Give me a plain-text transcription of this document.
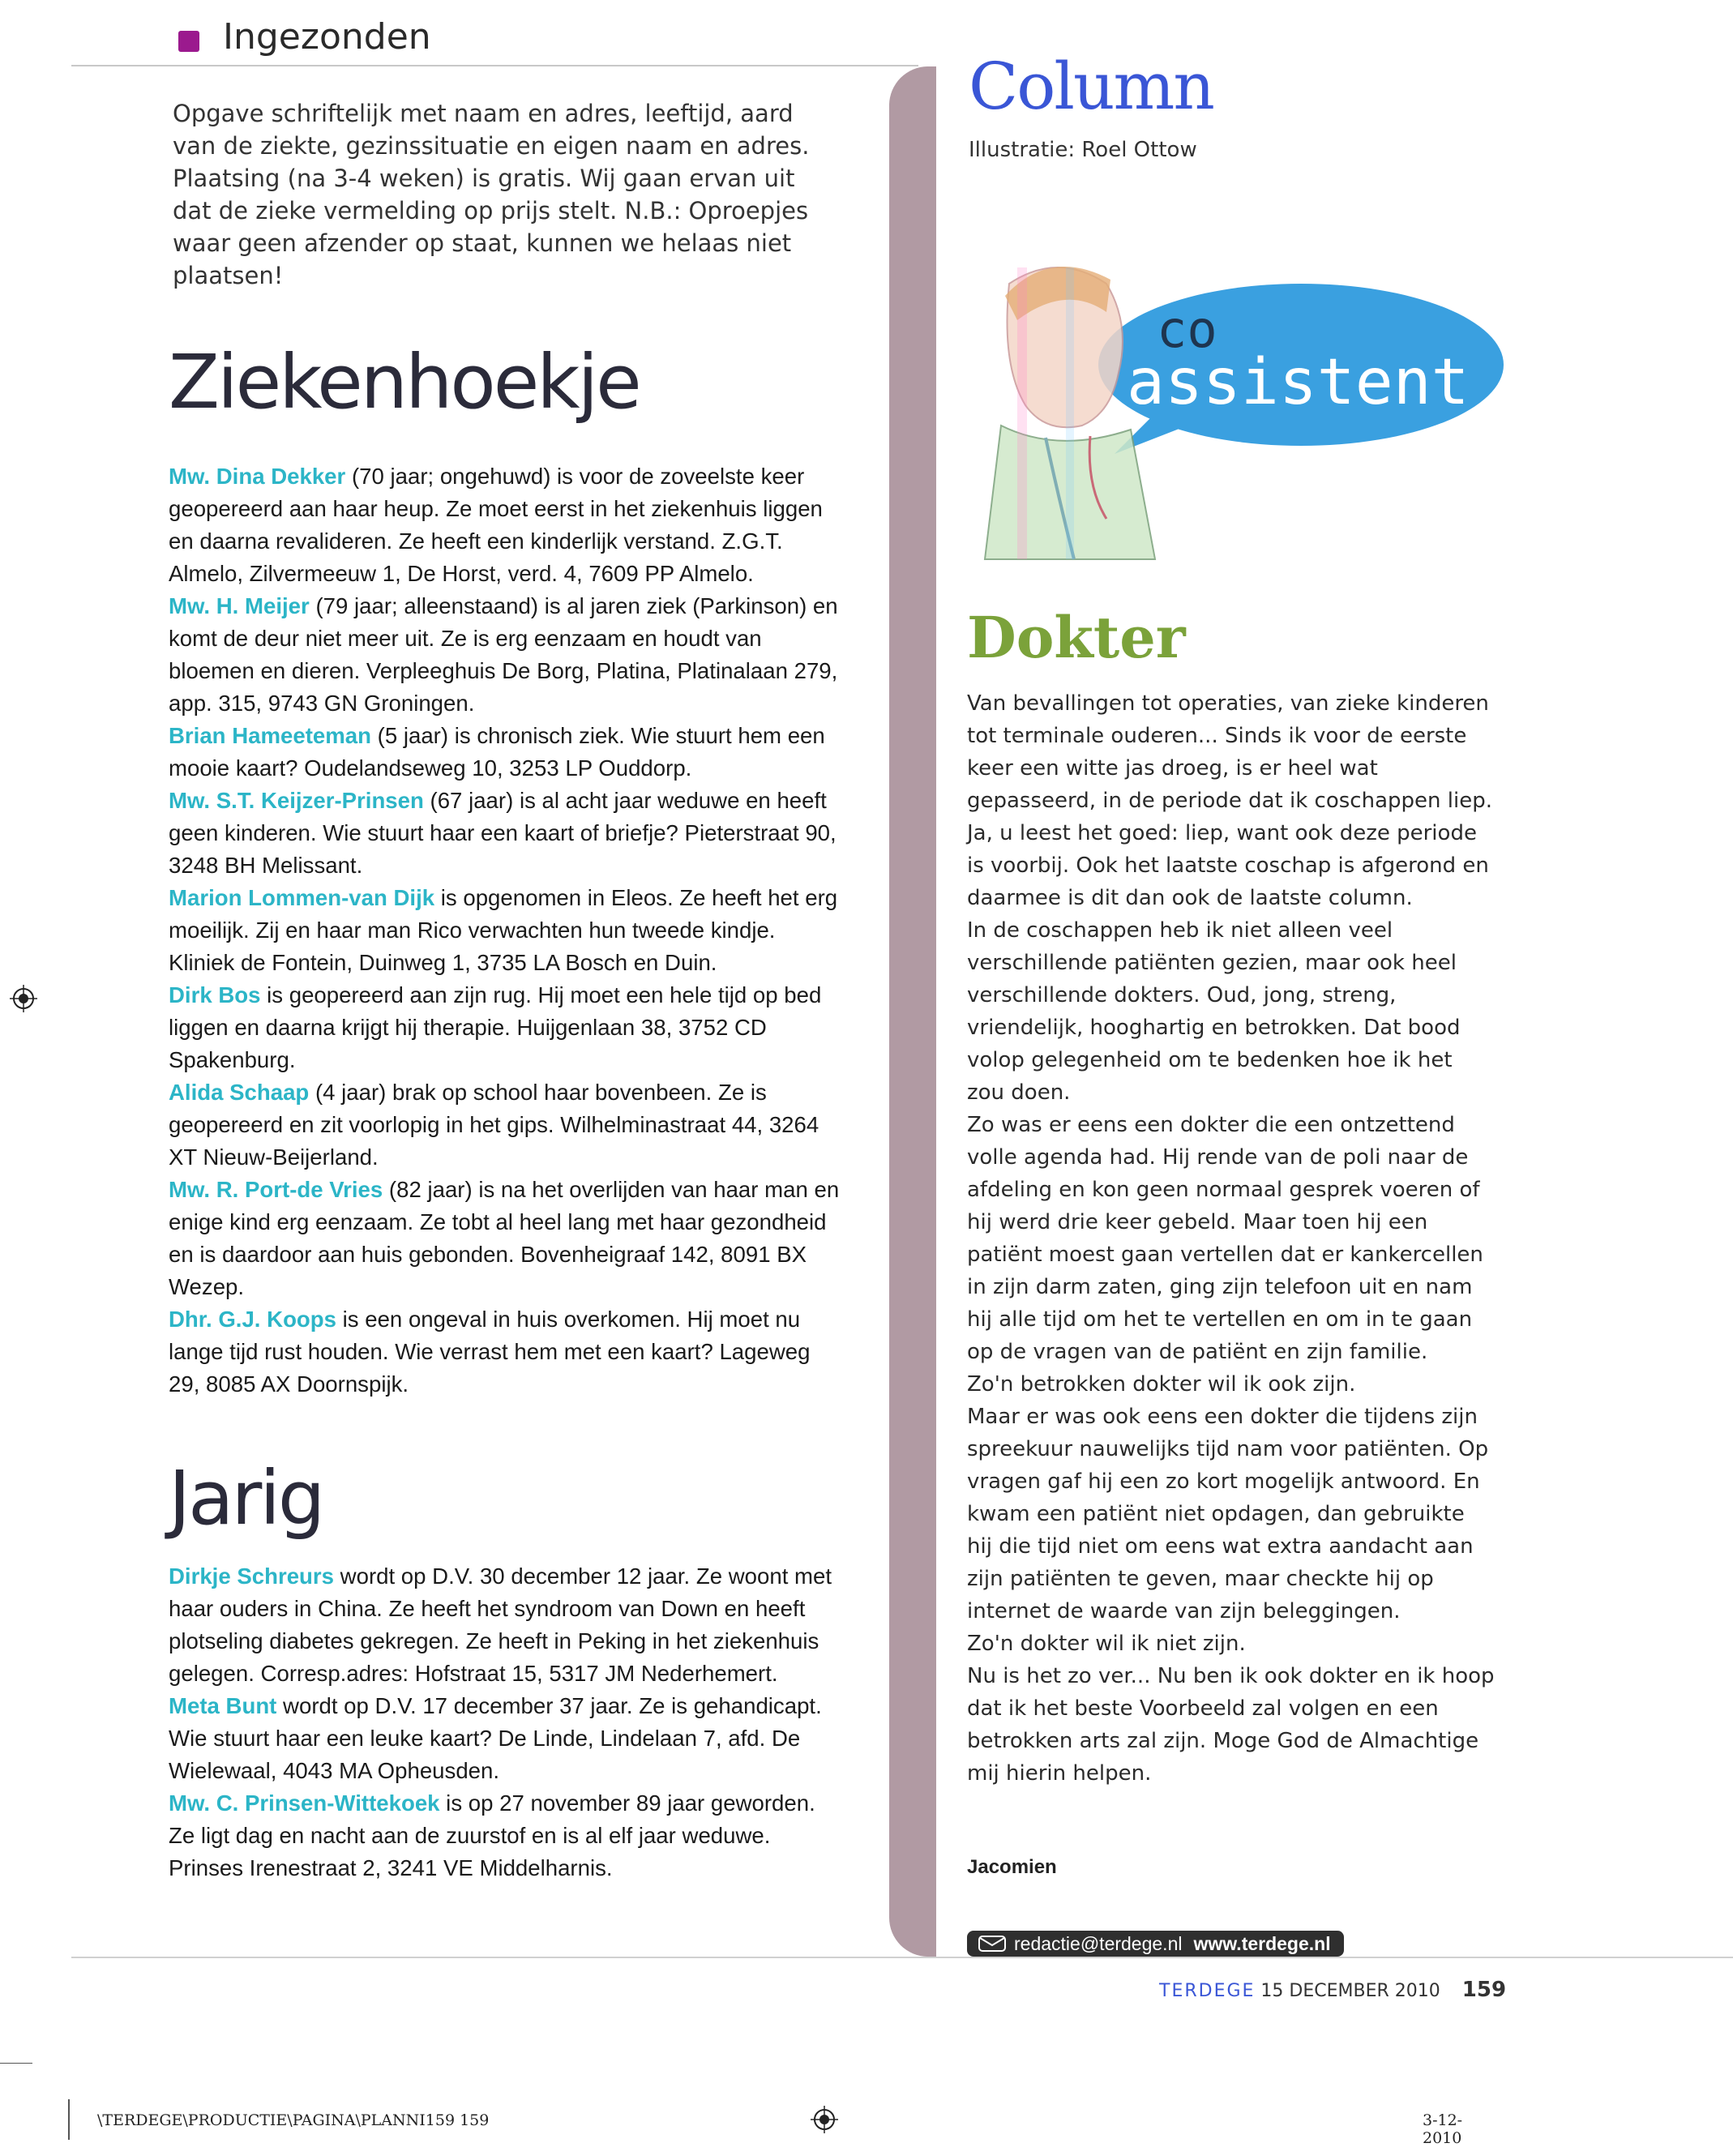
Ingezonden
Opgave schriftelijk met naam en adres, leeftijd, aard van de ziekte, gezinssituatie en eigen naam en adres. Plaatsing (na 3-4 weken) is gratis. Wij gaan ervan uit dat de zieke vermelding op prijs stelt. N.B.: Oproepjes waar geen afzender op staat, kunnen we helaas niet plaatsen!
Ziekenhoekje

Mw. Dina Dekker (70 jaar; ongehuwd) is voor de zoveelste keer geopereerd aan haar heup. Ze moet eerst in het ziekenhuis liggen en daarna revalideren. Ze heeft een kinderlijk verstand. Z.G.T. Almelo, Zilvermeeuw 1, De Horst, verd. 4, 7609 PP Almelo.

Mw. H. Meijer (79 jaar; alleenstaand) is al jaren ziek (Parkinson) en komt de deur niet meer uit. Ze is erg eenzaam en houdt van bloemen en dieren. Verpleeghuis De Borg, Platina, Platinalaan 279, app. 315, 9743 GN Groningen.

Brian Hameeteman (5 jaar) is chronisch ziek. Wie stuurt hem een mooie kaart? Oudelandseweg 10, 3253 LP Ouddorp.

Mw. S.T. Keijzer-Prinsen (67 jaar) is al acht jaar weduwe en heeft geen kinderen. Wie stuurt haar een kaart of briefje? Pieterstraat 90, 3248 BH Melissant.

Marion Lommen-van Dijk is opgenomen in Eleos. Ze heeft het erg moeilijk. Zij en haar man Rico verwachten hun tweede kindje. Kliniek de Fontein, Duinweg 1, 3735 LA Bosch en Duin.

Dirk Bos is geopereerd aan zijn rug. Hij moet een hele tijd op bed liggen en daarna krijgt hij therapie. Huijgenlaan 38, 3752 CD Spakenburg.

Alida Schaap (4 jaar) brak op school haar bovenbeen. Ze is geopereerd en zit voorlopig in het gips. Wilhelminastraat 44, 3264 XT Nieuw-Beijerland.

Mw. R. Port-de Vries (82 jaar) is na het overlijden van haar man en enige kind erg eenzaam. Ze tobt al heel lang met haar gezondheid en is daardoor aan huis gebonden. Bovenheigraaf 142, 8091 BX Wezep.

Dhr. G.J. Koops is een ongeval in huis overkomen. Hij moet nu lange tijd rust houden. Wie verrast hem met een kaart? Lageweg 29, 8085 AX Doornspijk.

Jarig

Dirkje Schreurs wordt op D.V. 30 december 12 jaar. Ze woont met haar ouders in China. Ze heeft het syndroom van Down en heeft plotseling diabetes gekregen. Ze heeft in Peking in het ziekenhuis gelegen. Corresp.adres: Hofstraat 15, 5317 JM Nederhemert.

Meta Bunt wordt op D.V. 17 december 37 jaar. Ze is gehandicapt. Wie stuurt haar een leuke kaart? De Linde, Lindelaan 7, afd. De Wielewaal, 4043 MA Opheusden.

Mw. C. Prinsen-Wittekoek is op 27 november 89 jaar geworden. Ze ligt dag en nacht aan de zuurstof en is al elf jaar weduwe. Prinses Irenestraat 2, 3241 VE Middelharnis.

Column
Illustratie: Roel Ottow
co
assistent
Dokter

Van bevallingen tot operaties, van zieke kinderen tot terminale ouderen... Sinds ik voor de eerste keer een witte jas droeg, is er heel wat gepasseerd, in de periode dat ik coschappen liep. Ja, u leest het goed: liep, want ook deze periode is voorbij. Ook het laatste coschap is afgerond en daarmee is dit dan ook de laatste column.

In de coschappen heb ik niet alleen veel verschillende patiënten gezien, maar ook heel verschillende dokters. Oud, jong, streng, vriendelijk, hooghartig en betrokken. Dat bood volop gelegenheid om te bedenken hoe ik het zou doen.

Zo was er eens een dokter die een ontzettend volle agenda had. Hij rende van de poli naar de afdeling en kon geen normaal gesprek voeren of hij werd drie keer gebeld. Maar toen hij een patiënt moest gaan vertellen dat er kankercellen in zijn darm zaten, ging zijn telefoon uit en nam hij alle tijd om het te vertellen en om in te gaan op de vragen van de patiënt en zijn familie.

Zo'n betrokken dokter wil ik ook zijn.

Maar er was ook eens een dokter die tijdens zijn spreekuur nauwelijks tijd nam voor patiënten. Op vragen gaf hij een zo kort mogelijk antwoord. En kwam een patiënt niet opdagen, dan gebruikte hij die tijd niet om eens wat extra aandacht aan zijn patiënten te geven, maar checkte hij op internet de waarde van zijn beleggingen.

Zo'n dokter wil ik niet zijn.

Nu is het zo ver... Nu ben ik ook dokter en ik hoop dat ik het beste Voorbeeld zal volgen en een betrokken arts zal zijn. Moge God de Almachtige mij hierin helpen.

Jacomien
redactie@terdege.nl www.terdege.nl
TERDEGE 15 DECEMBER 2010 159
\TERDEGE\PRODUCTIE\PAGINA\PLANNI159 159	3-12-2010
